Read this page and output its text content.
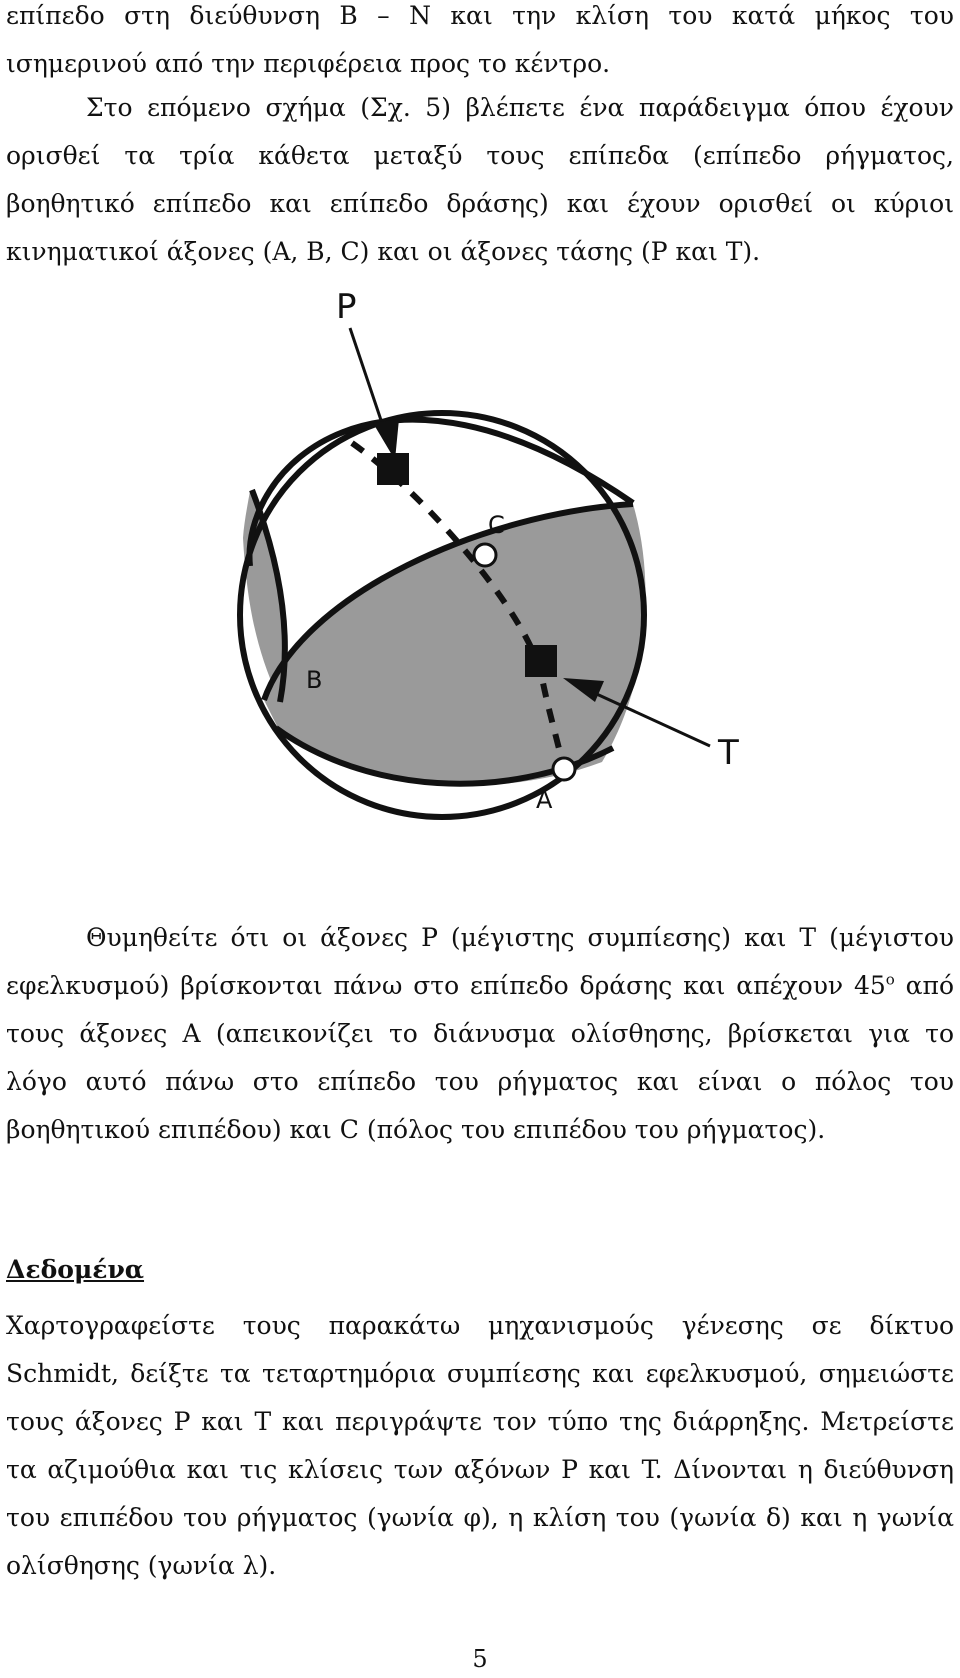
επίπεδο στη διεύθυνση Β – Ν και την κλίση του κατά μήκος του ισημερινού από την περιφέρεια προς το κέντρο.

Στο επόμενο σχήμα (Σχ. 5) βλέπετε ένα παράδειγμα όπου έχουν ορισθεί τα τρία κάθετα μεταξύ τους επίπεδα (επίπεδο ρήγματος, βοηθητικό επίπεδο και επίπεδο δράσης) και έχουν ορισθεί οι κύριοι κινηματικοί άξονες (A, B, C) και οι άξονες τάσης (P και T).

P
C
T
A
B

Θυμηθείτε ότι οι άξονες P (μέγιστης συμπίεσης) και T (μέγιστου εφελκυσμού) βρίσκονται πάνω στο επίπεδο δράσης και απέχουν $45^o$ από τους άξονες A (απεικονίζει το διάνυσμα ολίσθησης, βρίσκεται για το λόγο αυτό πάνω στο επίπεδο του ρήγματος και είναι ο πόλος του βοηθητικού επιπέδου) και C (πόλος του επιπέδου του ρήγματος).

Δεδομένα

Χαρτογραφείστε τους παρακάτω μηχανισμούς γένεσης σε δίκτυο Schmidt, δείξτε τα τεταρτημόρια συμπίεσης και εφελκυσμού, σημειώστε τους άξονες P και T και περιγράψτε τον τύπο της διάρρηξης. Μετρείστε τα αζιμούθια και τις κλίσεις των αξόνων P και T. Δίνονται η διεύθυνση του επιπέδου του ρήγματος (γωνία φ), η κλίση του (γωνία δ) και η γωνία ολίσθησης (γωνία λ).

5
